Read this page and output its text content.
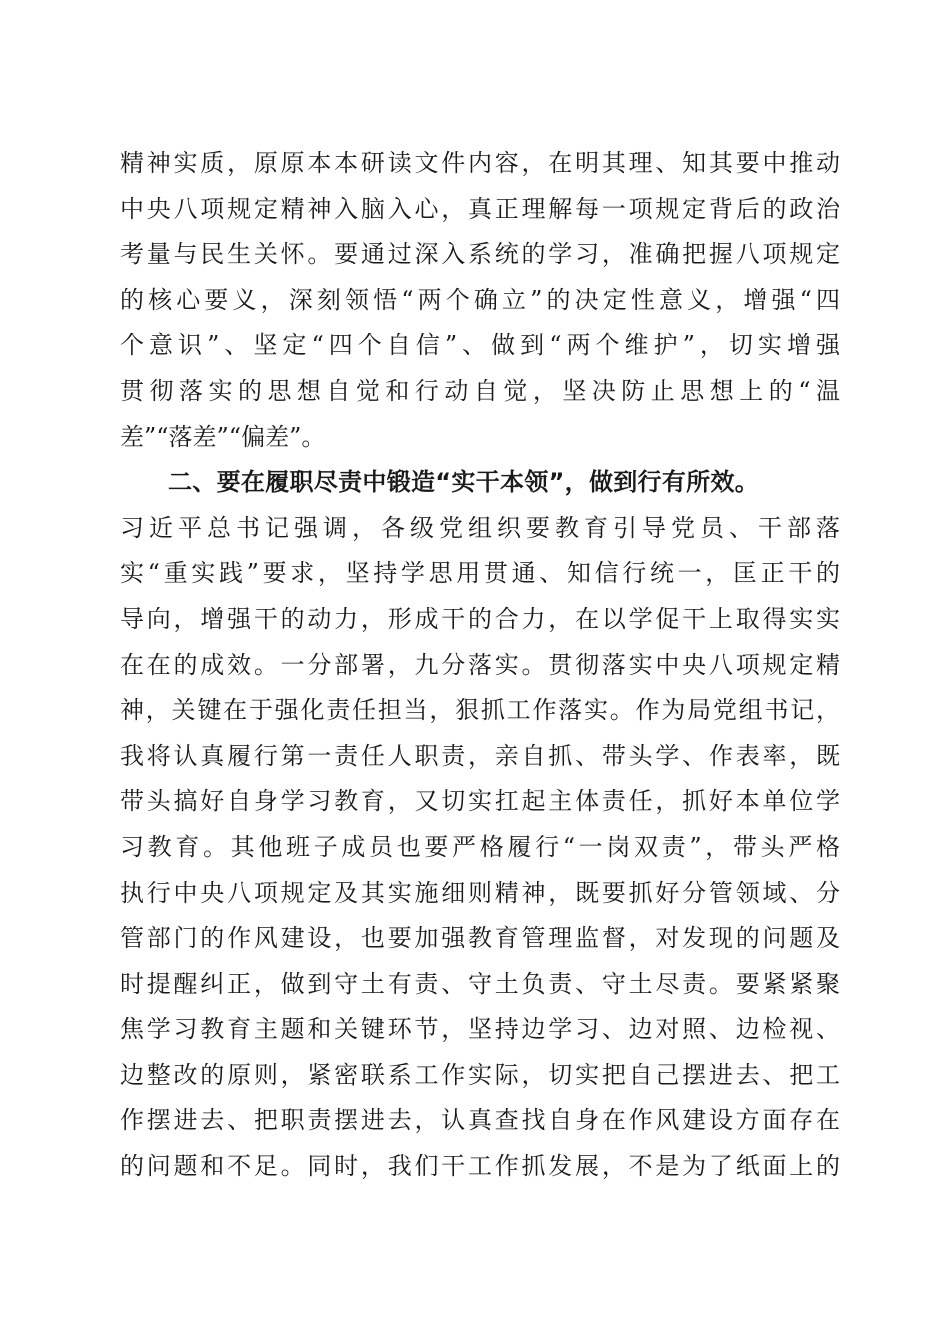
精神实质，原原本本研读文件内容，在明其理、知其要中推动
中央八项规定精神入脑入心，真正理解每一项规定背后的政治
考量与民生关怀。要通过深入系统的学习，准确把握八项规定
的核心要义，深刻领悟“两个确立”的决定性意义，增强“四
个意识”、坚定“四个自信”、做到“两个维护”，切实增强
贯彻落实的思想自觉和行动自觉，坚决防止思想上的“温
差”“落差”“偏差”。
二、要在履职尽责中锻造“实干本领”，做到行有所效。
习近平总书记强调，各级党组织要教育引导党员、干部落
实“重实践”要求，坚持学思用贯通、知信行统一，匡正干的
导向，增强干的动力，形成干的合力，在以学促干上取得实实
在在的成效。一分部署，九分落实。贯彻落实中央八项规定精
神，关键在于强化责任担当，狠抓工作落实。作为局党组书记，
我将认真履行第一责任人职责，亲自抓、带头学、作表率，既
带头搞好自身学习教育，又切实扛起主体责任，抓好本单位学
习教育。其他班子成员也要严格履行“一岗双责”，带头严格
执行中央八项规定及其实施细则精神，既要抓好分管领域、分
管部门的作风建设，也要加强教育管理监督，对发现的问题及
时提醒纠正，做到守土有责、守土负责、守土尽责。要紧紧聚
焦学习教育主题和关键环节，坚持边学习、边对照、边检视、
边整改的原则，紧密联系工作实际，切实把自己摆进去、把工
作摆进去、把职责摆进去，认真查找自身在作风建设方面存在
的问题和不足。同时，我们干工作抓发展，不是为了纸面上的
